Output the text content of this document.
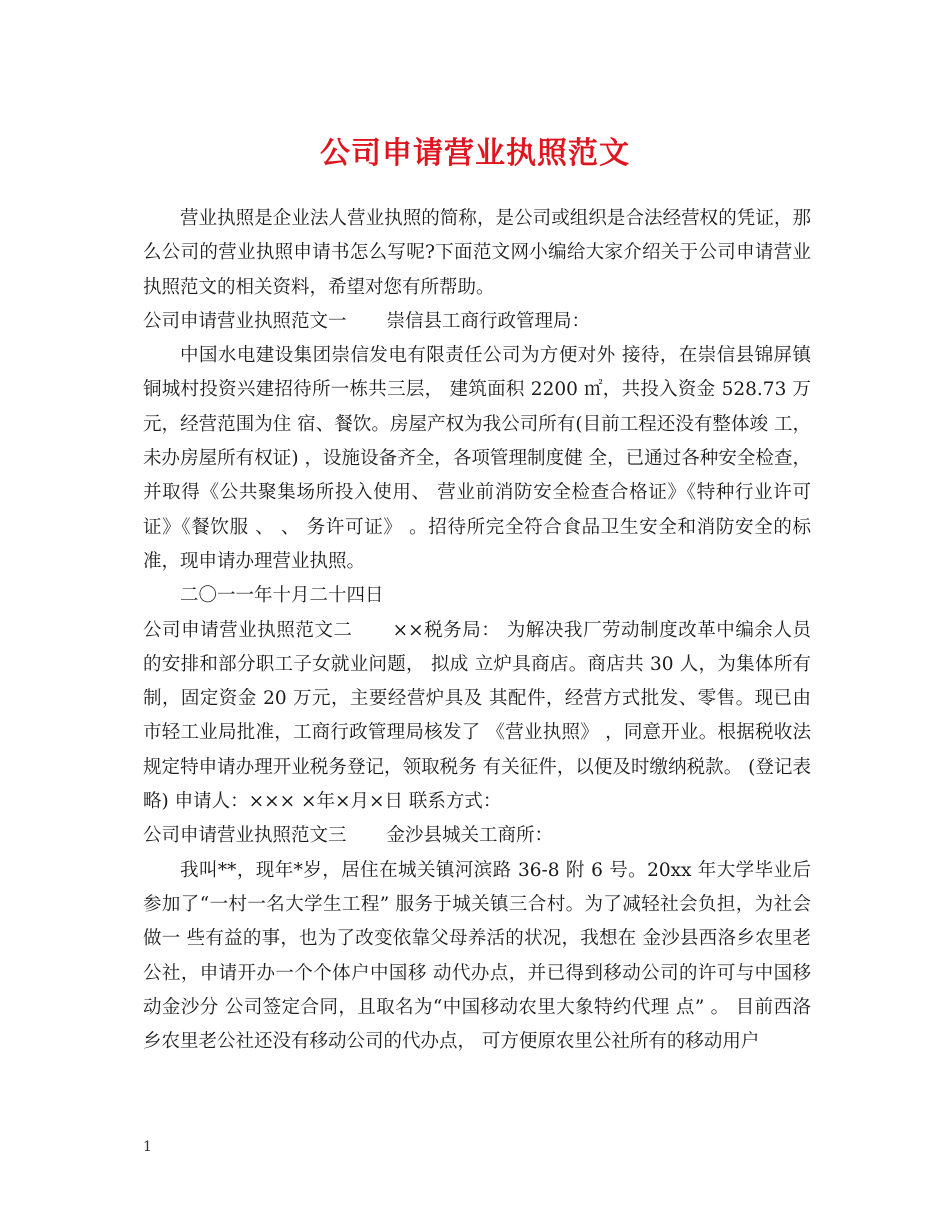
公司申请营业执照范文

营业执照是企业法人营业执照的简称，是公司或组织是合法经营权的凭证，那么公司的营业执照申请书怎么写呢?下面范文网小编给大家介绍关于公司申请营业执照范文的相关资料，希望对您有所帮助。

公司申请营业执照范文一 崇信县工商行政管理局：

中国水电建设集团崇信发电有限责任公司为方便对外 接待，在崇信县锦屏镇铜城村投资兴建招待所一栋共三层， 建筑面积 2200 ㎡，共投入资金 528.73 万元，经营范围为住 宿、餐饮。房屋产权为我公司所有(目前工程还没有整体竣 工，未办房屋所有权证) ，设施设备齐全，各项管理制度健 全，已通过各种安全检查，并取得《公共聚集场所投入使用、 营业前消防安全检查合格证》《特种行业许可证》《餐饮服 、 、 务许可证》 。招待所完全符合食品卫生安全和消防安全的标准，现申请办理营业执照。

二〇一一年十月二十四日

公司申请营业执照范文二 ××税务局： 为解决我厂劳动制度改革中编余人员的安排和部分职工子女就业问题， 拟成 立炉具商店。商店共 30 人，为集体所有制，固定资金 20 万元，主要经营炉具及 其配件，经营方式批发、零售。现已由市轻工业局批准，工商行政管理局核发了 《营业执照》 ，同意开业。根据税收法规定特申请办理开业税务登记，领取税务 有关征件，以便及时缴纳税款。 (登记表略) 申请人：××× ×年×月×日 联系方式：

公司申请营业执照范文三 金沙县城关工商所：

我叫**，现年*岁，居住在城关镇河滨路 36-8 附 6 号。20xx 年大学毕业后参加了“一村一名大学生工程” 服务于城关镇三合村。为了减轻社会负担，为社会做一 些有益的事，也为了改变依靠父母养活的状况，我想在 金沙县西洛乡农里老公社，申请开办一个个体户中国移 动代办点，并已得到移动公司的许可与中国移动金沙分 公司签定合同，且取名为“中国移动农里大象特约代理 点” 。 目前西洛乡农里老公社还没有移动公司的代办点， 可方便原农里公社所有的移动用户

1
